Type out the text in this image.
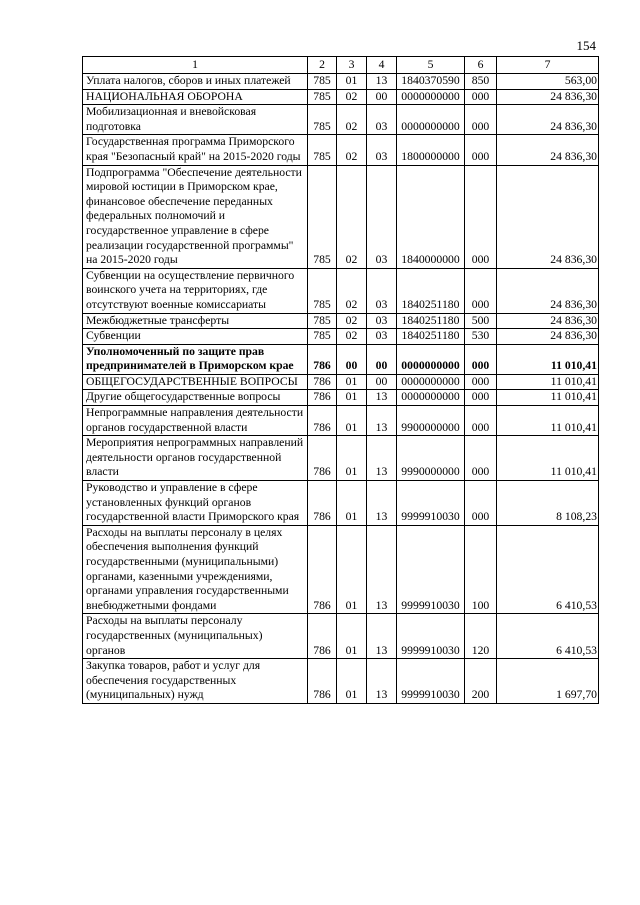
154
1	2	3	4	5	6	7
Уплата налогов, сборов и иных платежей	785	01	13	1840370590	850	563,00
НАЦИОНАЛЬНАЯ ОБОРОНА	785	02	00	0000000000	000	24 836,30
Мобилизационная и вневойсковая подготовка	785	02	03	0000000000	000	24 836,30
Государственная программа Приморского края "Безопасный край" на 2015-2020 годы	785	02	03	1800000000	000	24 836,30
Подпрограмма "Обеспечение деятельности мировой юстиции в Приморском крае, финансовое обеспечение переданных федеральных полномочий и государственное управление в сфере реализации государственной программы" на 2015-2020 годы	785	02	03	1840000000	000	24 836,30
Субвенции на осуществление первичного воинского учета на территориях, где отсутствуют военные комиссариаты	785	02	03	1840251180	000	24 836,30
Межбюджетные трансферты	785	02	03	1840251180	500	24 836,30
Субвенции	785	02	03	1840251180	530	24 836,30
Уполномоченный по защите прав предпринимателей в Приморском крае	786	00	00	0000000000	000	11 010,41
ОБЩЕГОСУДАРСТВЕННЫЕ ВОПРОСЫ	786	01	00	0000000000	000	11 010,41
Другие общегосударственные вопросы	786	01	13	0000000000	000	11 010,41
Непрограммные направления деятельности органов государственной власти	786	01	13	9900000000	000	11 010,41
Мероприятия непрограммных направлений деятельности органов государственной власти	786	01	13	9990000000	000	11 010,41
Руководство и управление в сфере установленных функций органов государственной власти Приморского края	786	01	13	9999910030	000	8 108,23
Расходы на выплаты персоналу в целях обеспечения выполнения функций государственными (муниципальными) органами, казенными учреждениями, органами управления государственными внебюджетными фондами	786	01	13	9999910030	100	6 410,53
Расходы на выплаты персоналу государственных (муниципальных) органов	786	01	13	9999910030	120	6 410,53
Закупка товаров, работ и услуг для обеспечения государственных (муниципальных) нужд	786	01	13	9999910030	200	1 697,70
